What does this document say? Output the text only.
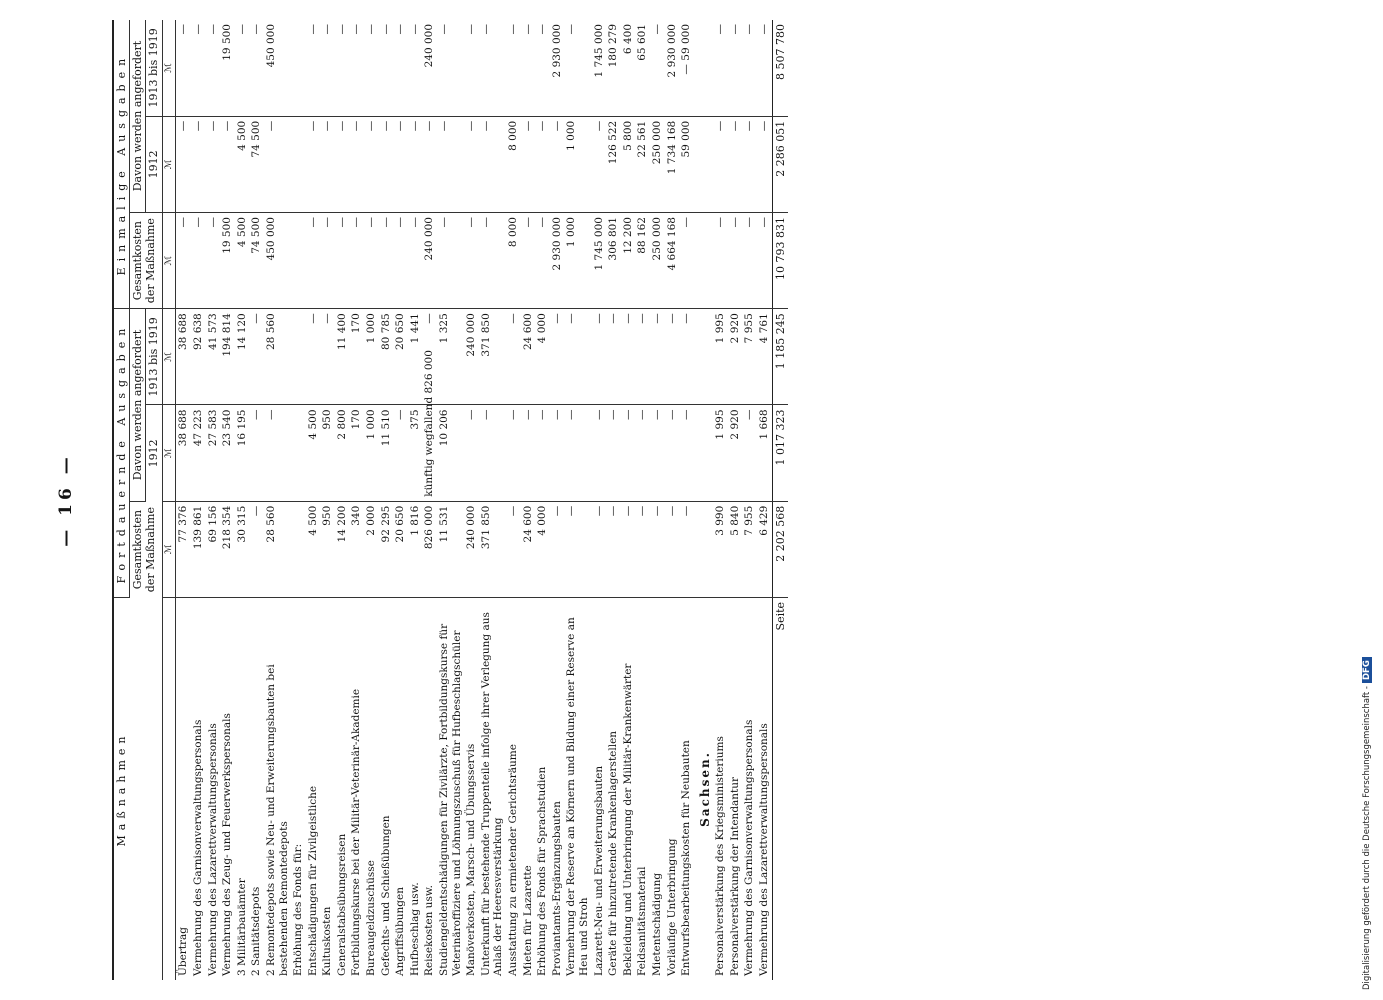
— 16 —
Maßnahmen	Fortdauernde Ausgaben			Einmalige Ausgaben		
	Gesamtkosten der Maßnahme	Davon werden angefordert		Gesamtkosten der Maßnahme	Davon werden angefordert	
		1912	1913 bis 1919		1912	1913 bis 1919
	ℳ	ℳ	ℳ	ℳ	ℳ	ℳ
Übertrag	77 376	38 688	38 688	—	—	—
Vermehrung des Garnisonverwaltungspersonals	139 861	47 223	92 638	—	—	—
Vermehrung des Lazarettverwaltungspersonals	69 156	27 583	41 573	—	—	—
Vermehrung des Zeug- und Feuerwerkspersonals	218 354	23 540	194 814	19 500	—	19 500
3 Militärbauämter	30 315	16 195	14 120	4 500	4 500	—
2 Sanitätsdepots	—	—	—	74 500	74 500	—
2 Remontedepots sowie Neu- und Erweiterungsbauten bei bestehenden Remontedepots	28 560	—	28 560	450 000	—	450 000
Erhöhung des Fonds für:						
Entschädigungen für Zivilgeistliche	4 500	4 500	—	—	—	—
Kultuskosten	950	950	—	—	—	—
Generalstabsübungsreisen	14 200	2 800	11 400	—	—	—
Fortbildungskurse bei der Militär-Veterinär-Akademie	340	170	170	—	—	—
Bureaugeldzuschüsse	2 000	1 000	1 000	—	—	—
Gefechts- und Schießübungen	92 295	11 510	80 785	—	—	—
Angriffsübungen	20 650	—	20 650	—	—	—
Hufbeschlag usw.	1 816	375	1 441	—	—	—
Reisekosten usw.	826 000	künftig wegfallend 826 000	—	240 000	—	240 000
Studiengeldentschädigungen für Zivilärzte, Fortbildungskurse für Veterinäroffiziere und Löhnungszuschuß für Hufbeschlagschüler	11 531	10 206	1 325	—	—	—
Manöverkosten, Marsch- und Übungsservis	240 000	—	240 000	—	—	—
Unterkunft für bestehende Truppenteile infolge ihrer Verlegung aus Anlaß der Heeresverstärkung	371 850	—	371 850	—	—	—
Ausstattung zu ermietender Gerichtsräume	—	—	—	8 000	8 000	—
Mieten für Lazarette	24 600	—	24 600	—	—	—
Erhöhung des Fonds für Sprachstudien	4 000	—	4 000	—	—	—
Proviantamts-Ergänzungsbauten	—	—	—	2 930 000	—	2 930 000
Vermehrung der Reserve an Körnern und Bildung einer Reserve an Heu und Stroh	—	—	—	1 000	1 000	—
Lazarett-Neu- und Erweiterungsbauten	—	—	—	1 745 000	—	1 745 000
Geräte für hinzutretende Krankenlagerstellen	—	—	—	306 801	126 522	180 279
Bekleidung und Unterbringung der Militär-Krankenwärter	—	—	—	12 200	5 800	6 400
Feldsanitätsmaterial	—	—	—	88 162	22 561	65 601
Mietentschädigung	—	—	—	250 000	250 000	—
Vorläufige Unterbringung	—	—	—	4 664 168	1 734 168	2 930 000
Entwurfsbearbeitungskosten für Neubauten	—	—	—	—	59 000	— 59 000
Sachsen.						
Personalverstärkung des Kriegsministeriums	3 990	1 995	1 995	—	—	—
Personalverstärkung der Intendantur	5 840	2 920	2 920	—	—	—
Vermehrung des Garnisonverwaltungspersonals	7 955	—	7 955	—	—	—
Vermehrung des Lazarettverwaltungspersonals	6 429	1 668	4 761	—	—	—
Seite	2 202 568	1 017 323	1 185 245	10 793 831	2 286 051	8 507 780
Digitalisierung gefördert durch die Deutsche Forschungsgemeinschaft -DFG
